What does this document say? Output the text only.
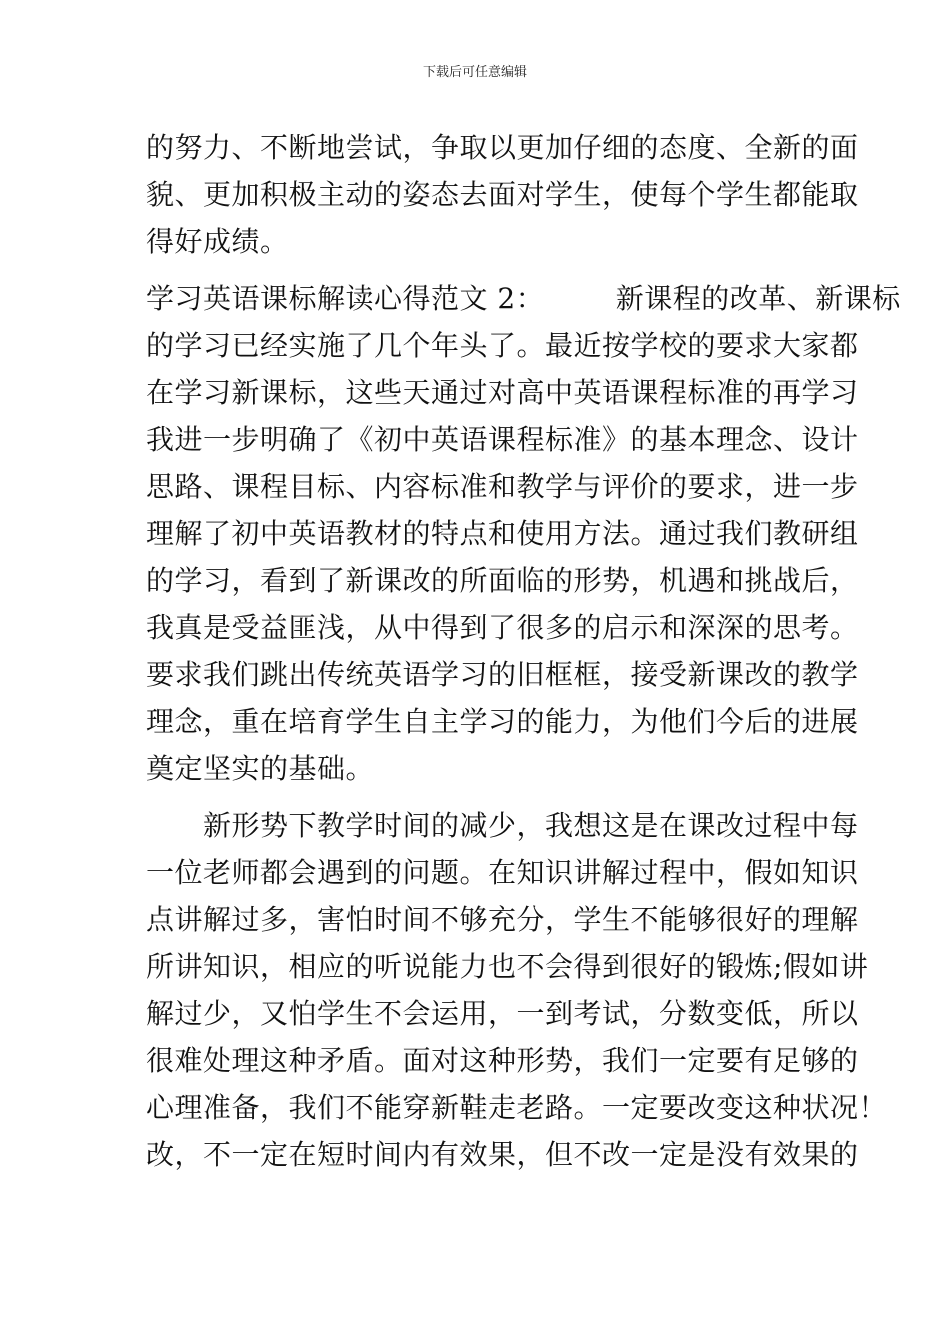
下载后可任意编辑
的努力、不断地尝试，争取以更加仔细的态度、全新的面
貌、更加积极主动的姿态去面对学生，使每个学生都能取
得好成绩。
学习英语课标解读心得范文 2：　　　新课程的改革、新课标
的学习已经实施了几个年头了。最近按学校的要求大家都
在学习新课标，这些天通过对高中英语课程标准的再学习
我进一步明确了《初中英语课程标准》的基本理念、设计
思路、课程目标、内容标准和教学与评价的要求，进一步
理解了初中英语教材的特点和使用方法。通过我们教研组
的学习，看到了新课改的所面临的形势，机遇和挑战后，
我真是受益匪浅，从中得到了很多的启示和深深的思考。
要求我们跳出传统英语学习的旧框框，接受新课改的教学
理念，重在培育学生自主学习的能力，为他们今后的进展
奠定坚实的基础。
　　新形势下教学时间的减少，我想这是在课改过程中每
一位老师都会遇到的问题。在知识讲解过程中，假如知识
点讲解过多，害怕时间不够充分，学生不能够很好的理解
所讲知识，相应的听说能力也不会得到很好的锻炼;假如讲
解过少，又怕学生不会运用，一到考试，分数变低，所以
很难处理这种矛盾。面对这种形势，我们一定要有足够的
心理准备，我们不能穿新鞋走老路。一定要改变这种状况！
改，不一定在短时间内有效果，但不改一定是没有效果的
